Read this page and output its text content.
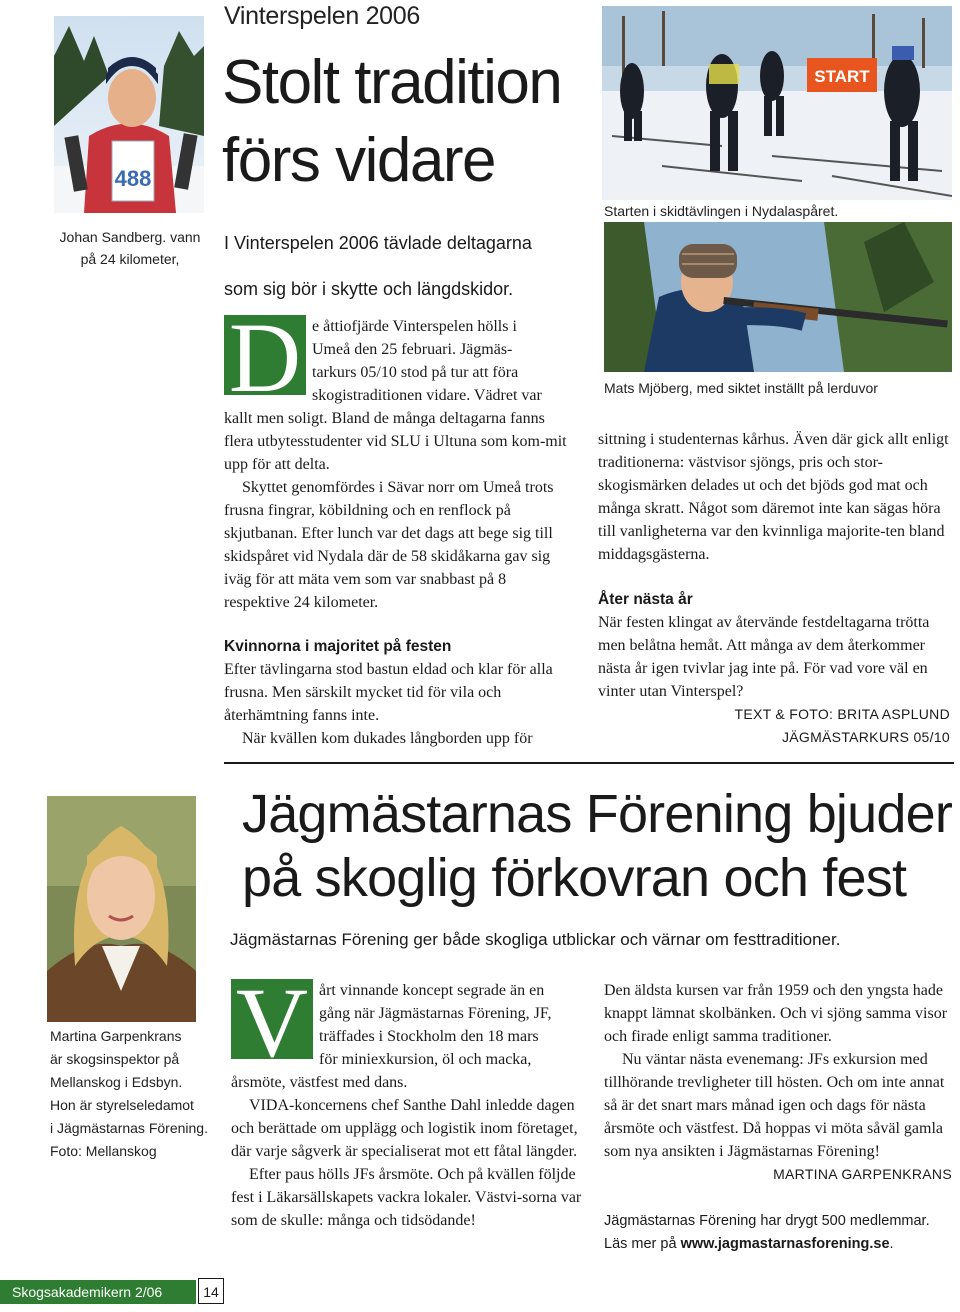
488
Johan Sandberg. vann
på 24 kilometer,
Vinterspelen 2006
Stolt tradition
förs vidare
I Vinterspelen 2006 tävlade deltagarna
som sig bör i skytte och längdskidor.
START
Starten i skidtävlingen i Nydalaspåret.
Mats Mjöberg, med siktet inställt på lerduvor
D e åttiofjärde Vinterspelen hölls i
Umeå den 25 februari. Jägmäs-
tarkurs 05/10 stod på tur att föra
skogistraditionen vidare. Vädret var

kallt men soligt. Bland de många deltagarna fanns flera utbytesstudenter vid SLU i Ultuna som kom-mit upp för att delta.

Skyttet genomfördes i Sävar norr om Umeå trots frusna fingrar, köbildning och en renflock på skjutbanan. Efter lunch var det dags att bege sig till skidspåret vid Nydala där de 58 skidåkarna gav sig iväg för att mäta vem som var snabbast på 8 respektive 24 kilometer.

Kvinnorna i majoritet på festen

Efter tävlingarna stod bastun eldad och klar för alla frusna. Men särskilt mycket tid för vila och återhämtning fanns inte.

När kvällen kom dukades långborden upp för

sittning i studenternas kårhus. Även där gick allt enligt traditionerna: västvisor sjöngs, pris och stor-skogismärken delades ut och det bjöds god mat och många skratt. Något som däremot inte kan sägas höra till vanligheterna var den kvinnliga majorite-ten bland middagsgästerna.

Åter nästa år

När festen klingat av återvände festdeltagarna trötta men belåtna hemåt. Att många av dem återkommer nästa år igen tvivlar jag inte på. För vad vore väl en vinter utan Vinterspel?

TEXT & FOTO: BRITA ASPLUND
JÄGMÄSTARKURS 05/10
Martina Garpenkrans
är skogsinspektor på
Mellanskog i Edsbyn.
Hon är styrelseledamot
i Jägmästarnas Förening.
Foto: Mellanskog
Jägmästarnas Förening bjuder
på skoglig förkovran och fest
Jägmästarnas Förening ger både skogliga utblickar och värnar om festtraditioner.
V årt vinnande koncept segrade än en
gång när Jägmästarnas Förening, JF,
träffades i Stockholm den 18 mars
för miniexkursion, öl och macka,

årsmöte, västfest med dans.

VIDA-koncernens chef Santhe Dahl inledde dagen och berättade om upplägg och logistik inom företaget, där varje sågverk är specialiserat mot ett fåtal längder.

Efter paus hölls JFs årsmöte. Och på kvällen följde fest i Läkarsällskapets vackra lokaler. Västvi-sorna var som de skulle: många och tidsödande!

Den äldsta kursen var från 1959 och den yngsta hade knappt lämnat skolbänken. Och vi sjöng samma visor och firade enligt samma traditioner.

Nu väntar nästa evenemang: JFs exkursion med tillhörande trevligheter till hösten. Och om inte annat så är det snart mars månad igen och dags för nästa årsmöte och västfest. Då hoppas vi möta såväl gamla som nya ansikten i Jägmästarnas Förening!

MARTINA GARPENKRANS
Jägmästarnas Förening har drygt 500 medlemmar.
Läs mer på www.jagmastarnasforening.se.
Skogsakademikern 2/06	14
